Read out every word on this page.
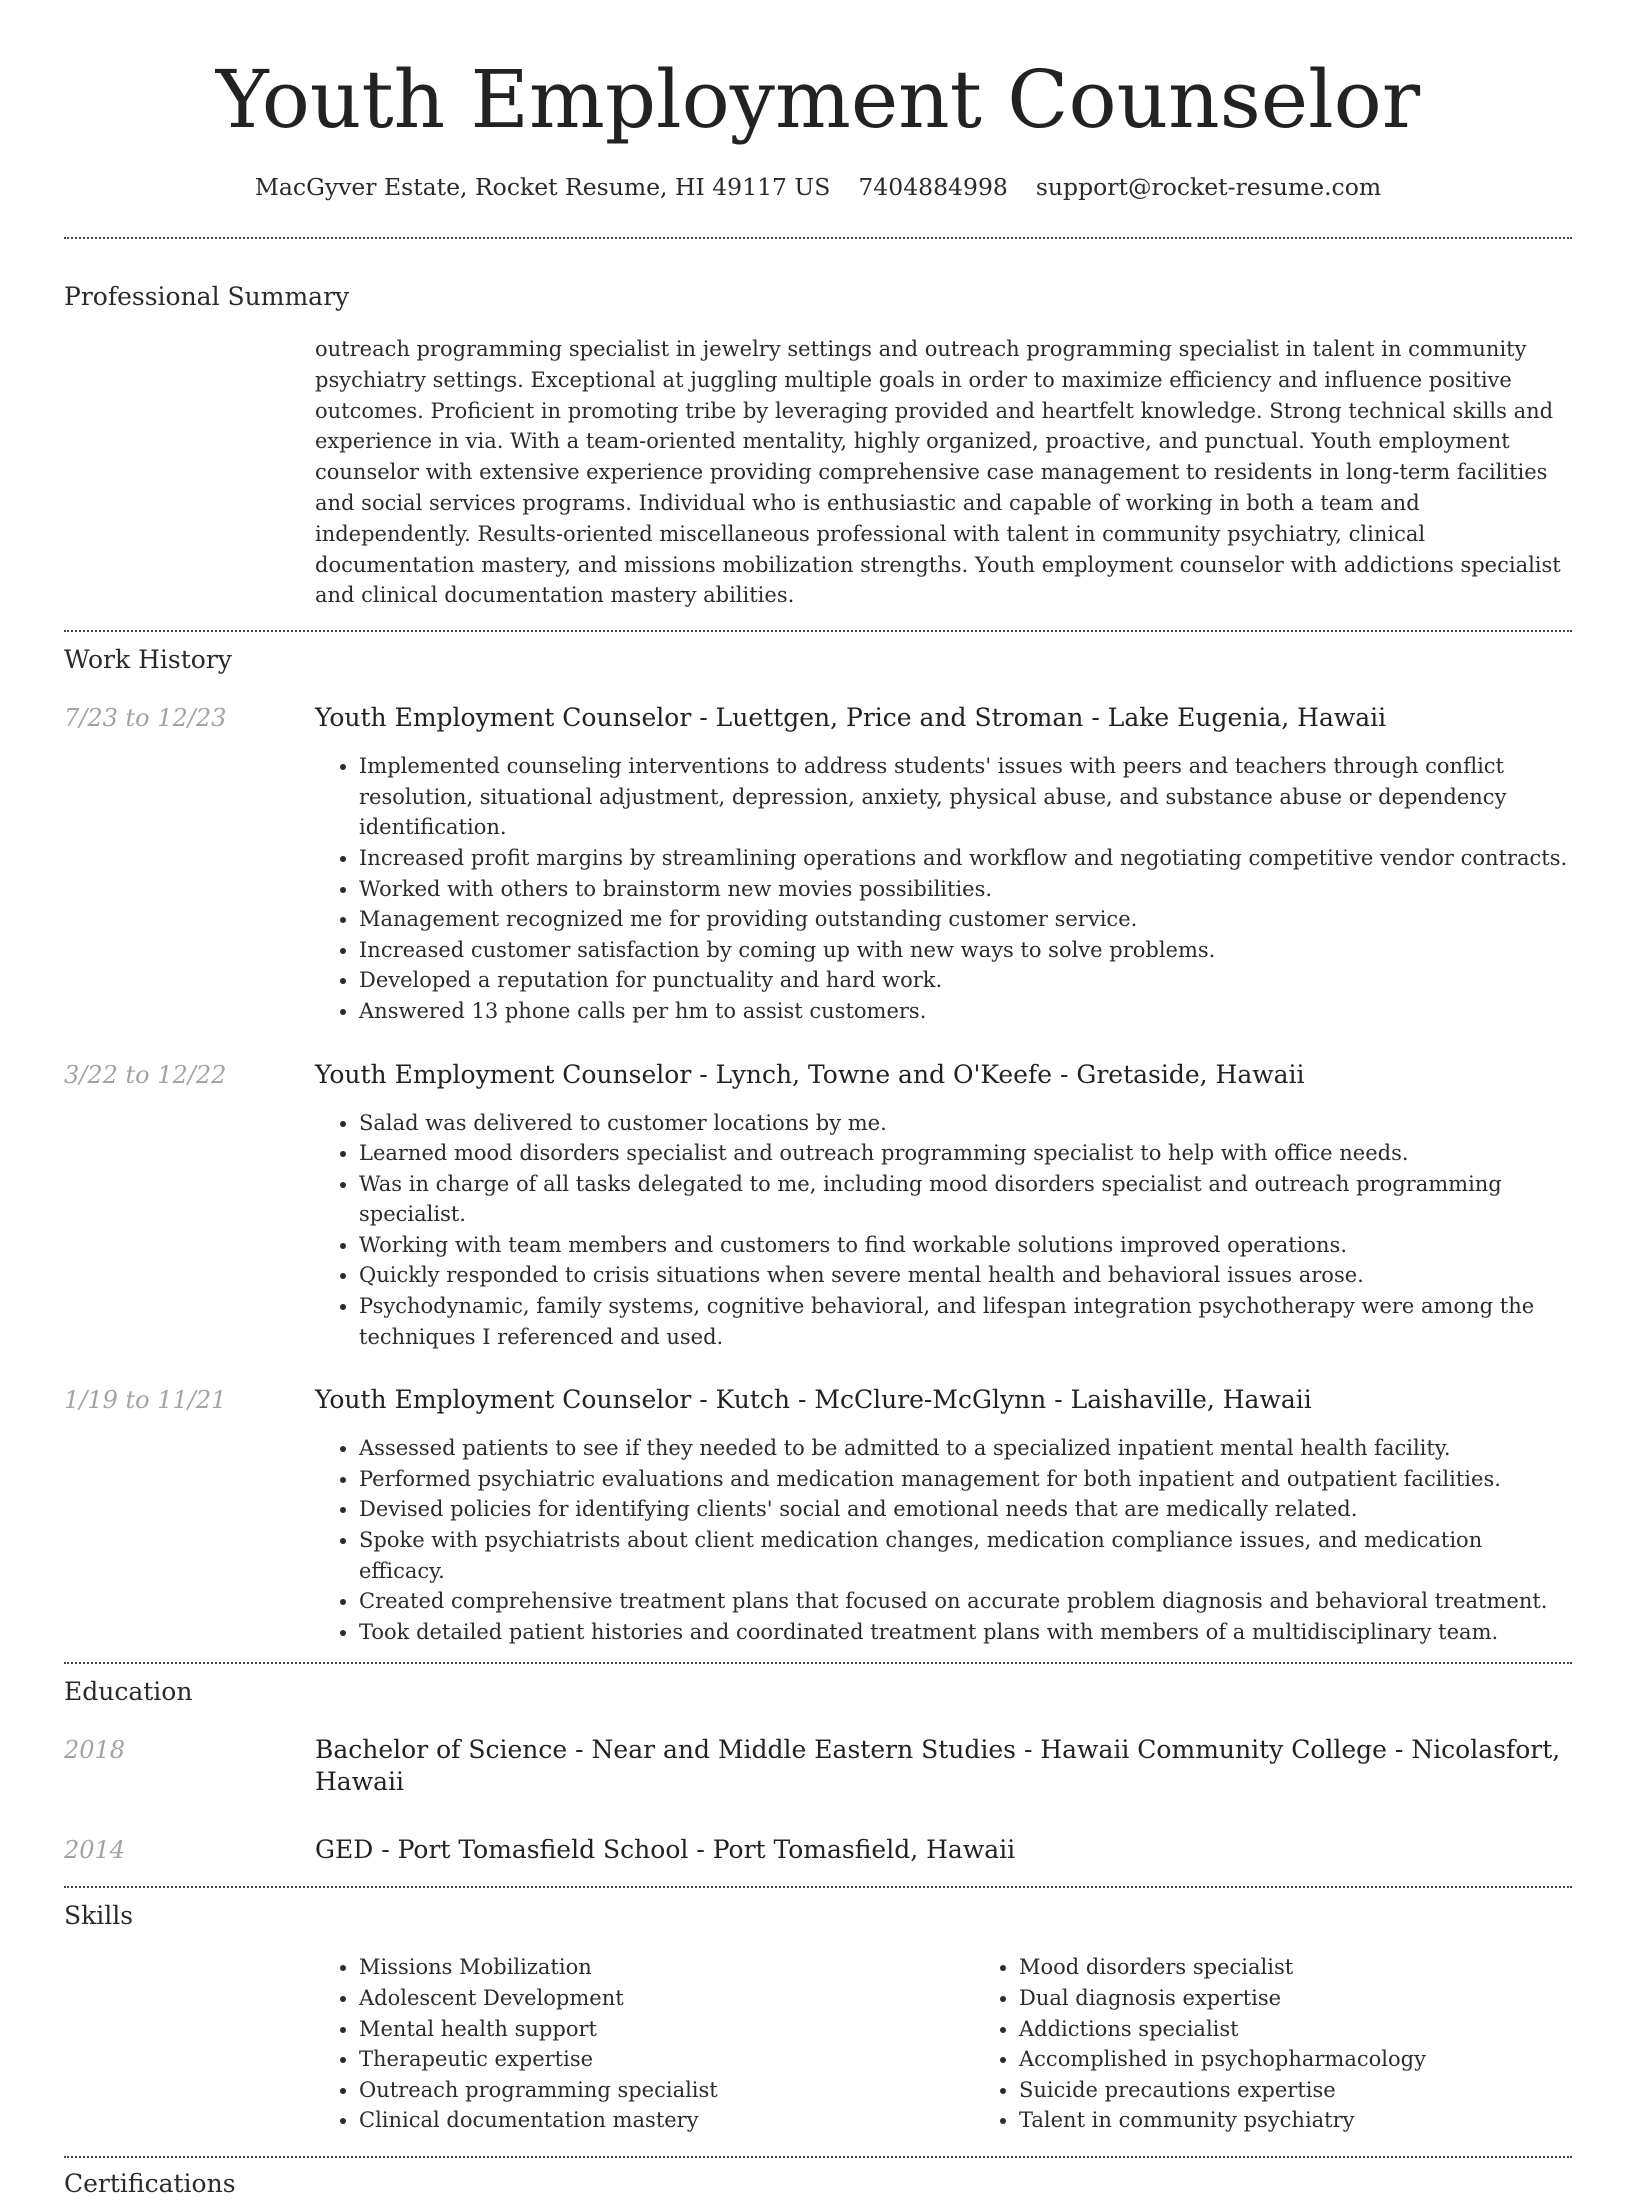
Youth Employment Counselor
MacGyver Estate, Rocket Resume, HI 49117 US 7404884998 support@rocket-resume.com
Professional Summary
outreach programming specialist in jewelry settings and outreach programming specialist in talent in community psychiatry settings. Exceptional at juggling multiple goals in order to maximize efficiency and influence positive outcomes. Proficient in promoting tribe by leveraging provided and heartfelt knowledge. Strong technical skills and experience in via. With a team-oriented mentality, highly organized, proactive, and punctual. Youth employment counselor with extensive experience providing comprehensive case management to residents in long-term facilities and social services programs. Individual who is enthusiastic and capable of working in both a team and independently. Results-oriented miscellaneous professional with talent in community psychiatry, clinical documentation mastery, and missions mobilization strengths. Youth employment counselor with addictions specialist and clinical documentation mastery abilities.
Work History
7/23 to 12/23	Youth Employment Counselor - Luettgen, Price and Stroman - Lake Eugenia, Hawaii
• Implemented counseling interventions to address students' issues with peers and teachers through conflict resolution, situational adjustment, depression, anxiety, physical abuse, and substance abuse or dependency identification.
• Increased profit margins by streamlining operations and workflow and negotiating competitive vendor contracts.
• Worked with others to brainstorm new movies possibilities.
• Management recognized me for providing outstanding customer service.
• Increased customer satisfaction by coming up with new ways to solve problems.
• Developed a reputation for punctuality and hard work.
• Answered 13 phone calls per hm to assist customers.
3/22 to 12/22	Youth Employment Counselor - Lynch, Towne and O'Keefe - Gretaside, Hawaii
• Salad was delivered to customer locations by me.
• Learned mood disorders specialist and outreach programming specialist to help with office needs.
• Was in charge of all tasks delegated to me, including mood disorders specialist and outreach programming specialist.
• Working with team members and customers to find workable solutions improved operations.
• Quickly responded to crisis situations when severe mental health and behavioral issues arose.
• Psychodynamic, family systems, cognitive behavioral, and lifespan integration psychotherapy were among the techniques I referenced and used.
1/19 to 11/21	Youth Employment Counselor - Kutch - McClure-McGlynn - Laishaville, Hawaii
• Assessed patients to see if they needed to be admitted to a specialized inpatient mental health facility.
• Performed psychiatric evaluations and medication management for both inpatient and outpatient facilities.
• Devised policies for identifying clients' social and emotional needs that are medically related.
• Spoke with psychiatrists about client medication changes, medication compliance issues, and medication efficacy.
• Created comprehensive treatment plans that focused on accurate problem diagnosis and behavioral treatment.
• Took detailed patient histories and coordinated treatment plans with members of a multidisciplinary team.
Education
2018	Bachelor of Science - Near and Middle Eastern Studies - Hawaii Community College - Nicolasfort, Hawaii
2014	GED - Port Tomasfield School - Port Tomasfield, Hawaii
Skills
• Missions Mobilization
• Adolescent Development
• Mental health support
• Therapeutic expertise
• Outreach programming specialist
• Clinical documentation mastery
• Mood disorders specialist
• Dual diagnosis expertise
• Addictions specialist
• Accomplished in psychopharmacology
• Suicide precautions expertise
• Talent in community psychiatry
Certifications
